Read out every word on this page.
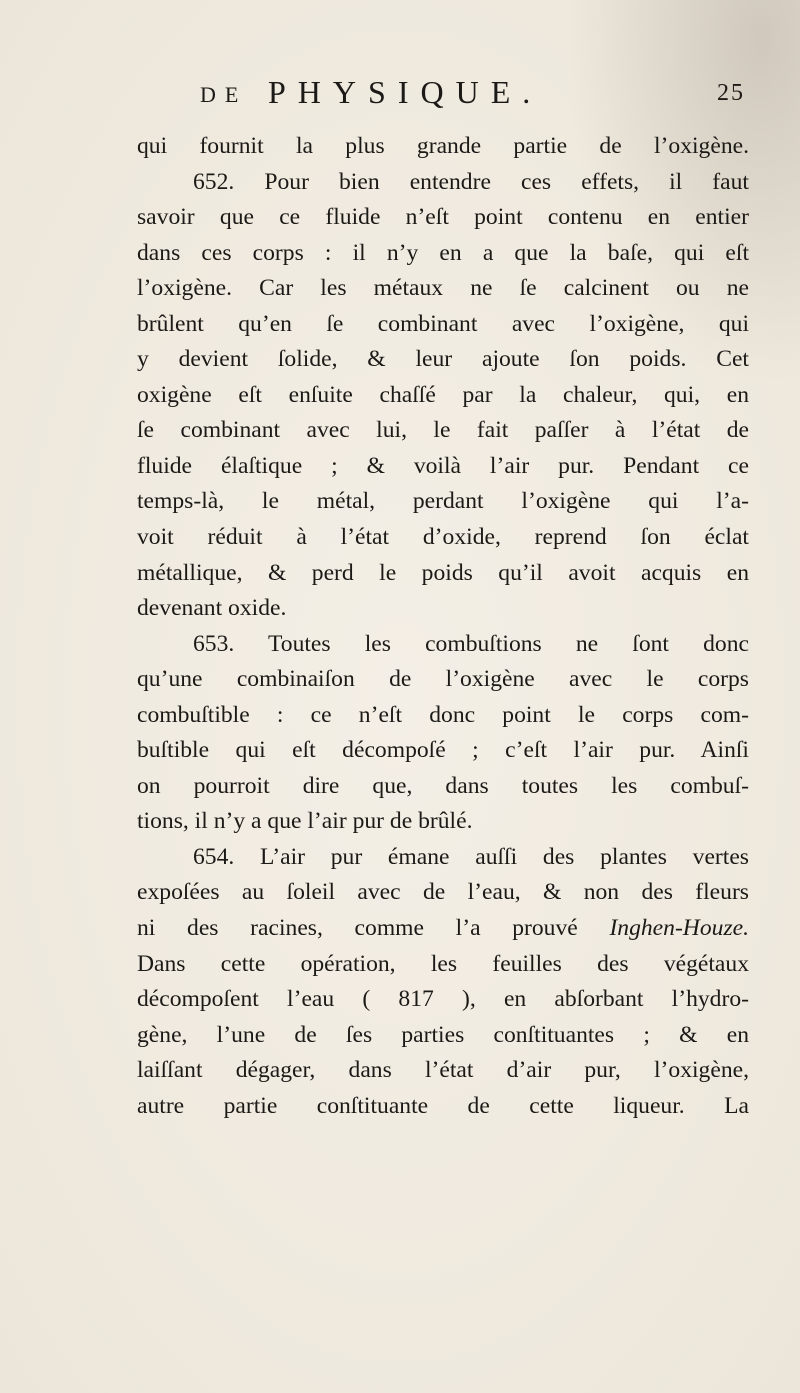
DE PHYSIQUE.	25
qui fournit la plus grande partie de l’oxigène.
652. Pour bien entendre ces effets, il faut
savoir que ce fluide n’eſt point contenu en entier
dans ces corps : il n’y en a que la baſe, qui eſt
l’oxigène. Car les métaux ne ſe calcinent ou ne
brûlent qu’en ſe combinant avec l’oxigène, qui
y devient ſolide, & leur ajoute ſon poids. Cet
oxigène eſt enſuite chaſſé par la chaleur, qui, en
ſe combinant avec lui, le fait paſſer à l’état de
fluide élaſtique ; & voilà l’air pur. Pendant ce
temps-là, le métal, perdant l’oxigène qui l’a-
voit réduit à l’état d’oxide, reprend ſon éclat
métallique, & perd le poids qu’il avoit acquis en
devenant oxide.
653. Toutes les combuſtions ne ſont donc
qu’une combinaiſon de l’oxigène avec le corps
combuſtible : ce n’eſt donc point le corps com-
buſtible qui eſt décompoſé ; c’eſt l’air pur. Ainſi
on pourroit dire que, dans toutes les combuſ-
tions, il n’y a que l’air pur de brûlé.
654. L’air pur émane auſſi des plantes vertes
expoſées au ſoleil avec de l’eau, & non des fleurs
ni des racines, comme l’a prouvé Inghen-Houze.
Dans cette opération, les feuilles des végétaux
décompoſent l’eau ( 817 ), en abſorbant l’hydro-
gène, l’une de ſes parties conſtituantes ; & en
laiſſant dégager, dans l’état d’air pur, l’oxigène,
autre partie conſtituante de cette liqueur. La
